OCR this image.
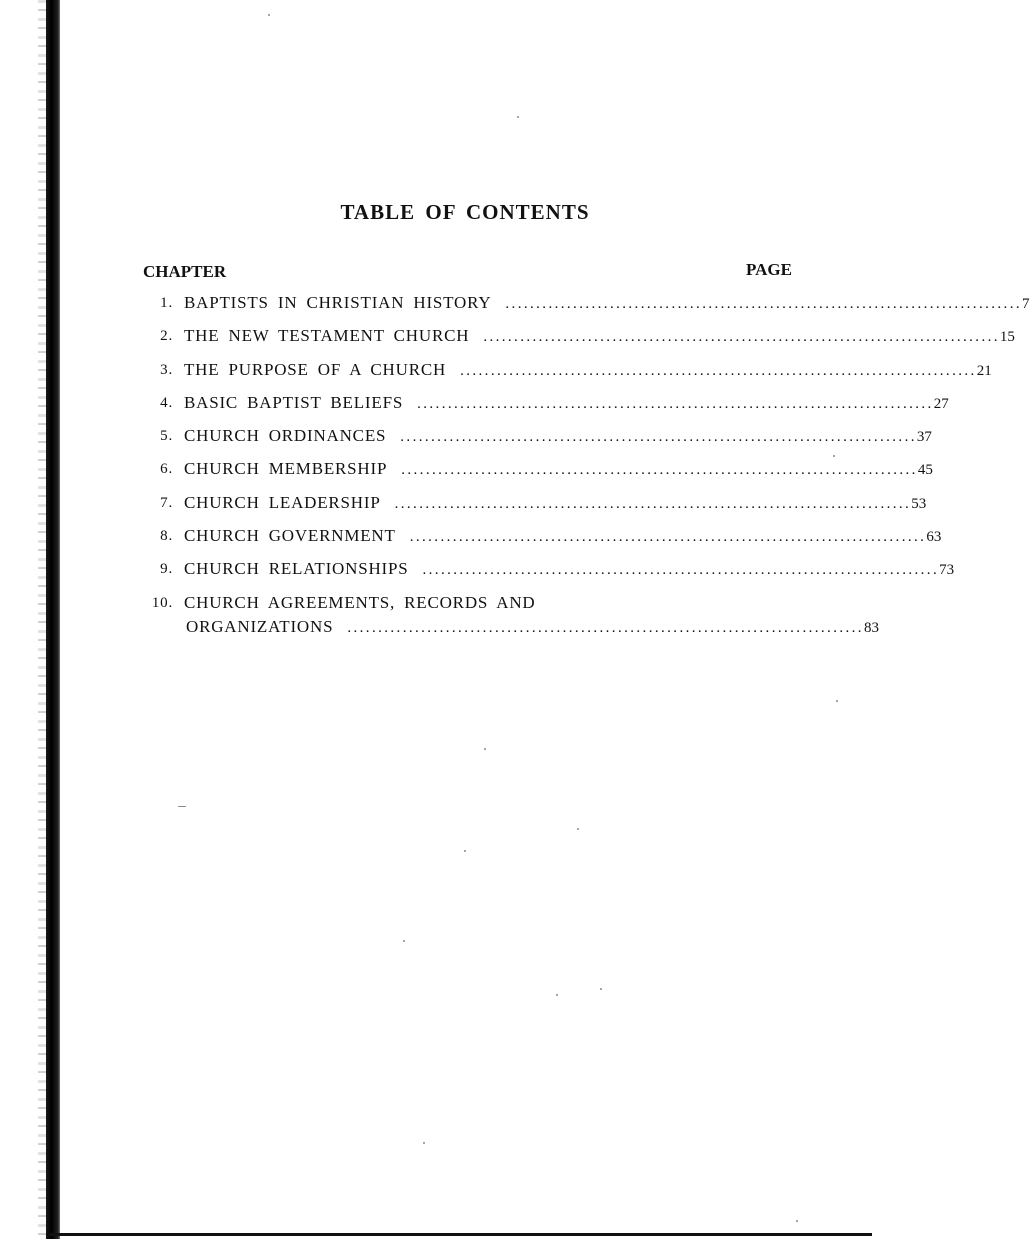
TABLE OF CONTENTS
CHAPTER	PAGE
1. BAPTISTS IN CHRISTIAN HISTORY .................................................................................... 7
2. THE NEW TESTAMENT CHURCH .................................................................................... 15
3. THE PURPOSE OF A CHURCH .................................................................................... 21
4. BASIC BAPTIST BELIEFS .................................................................................... 27
5. CHURCH ORDINANCES .................................................................................... 37
6. CHURCH MEMBERSHIP .................................................................................... 45
7. CHURCH LEADERSHIP .................................................................................... 53
8. CHURCH GOVERNMENT .................................................................................... 63
9. CHURCH RELATIONSHIPS .................................................................................... 73
10. CHURCH AGREEMENTS, RECORDS AND
ORGANIZATIONS .................................................................................... 83
